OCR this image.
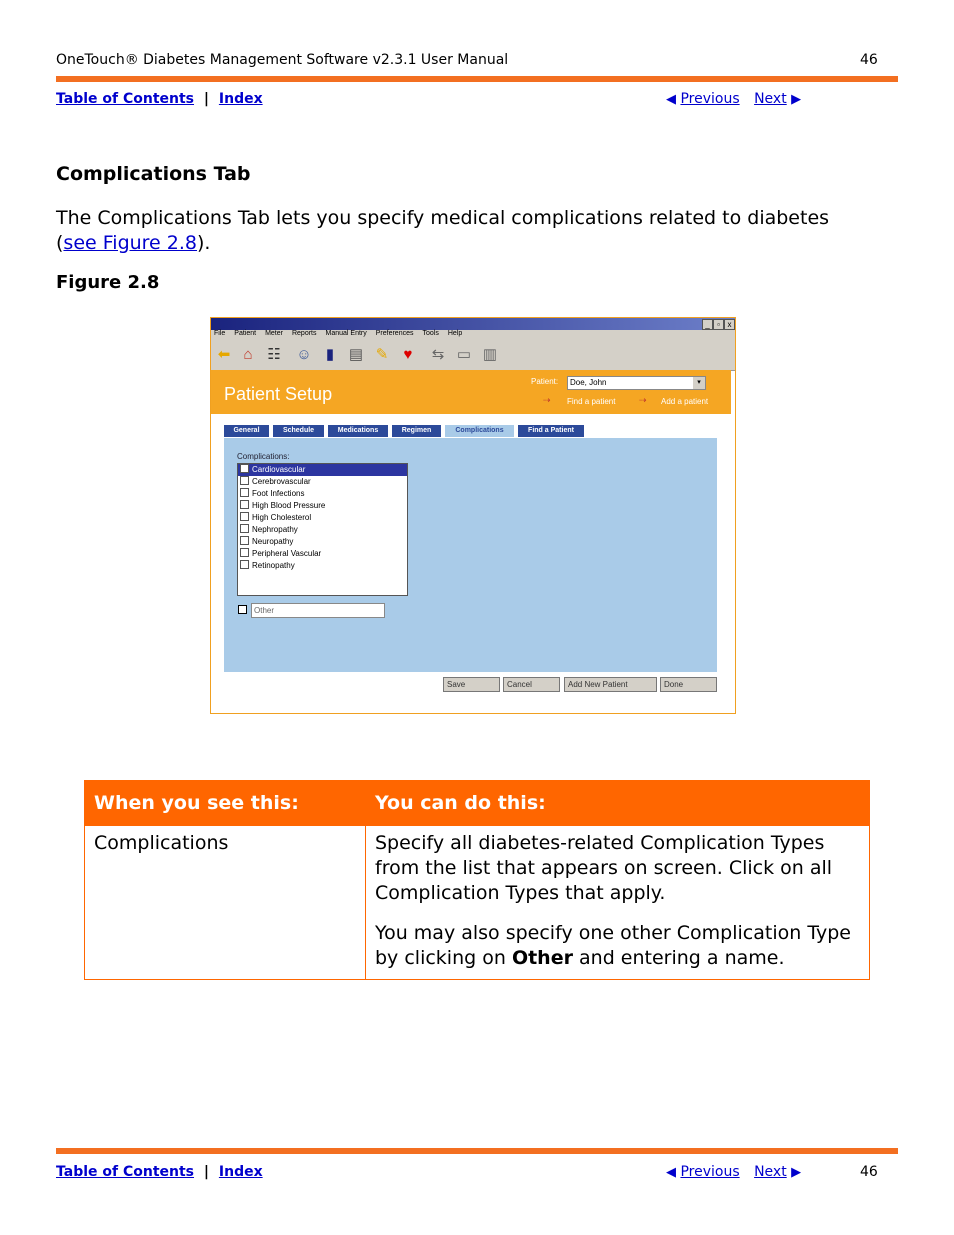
OneTouch® Diabetes Management Software v2.3.1 User Manual	46
Table of Contents | Index	◀ Previous Next ▶
Complications Tab

The Complications Tab lets you specify medical complications related to diabetes (see Figure 2.8).

Figure 2.8
_ ▫ x
File Patient Meter Reports Manual Entry Preferences Tools Help
⬅ ⌂ ☷ ☺ ▮ ▤ ✎	♥	⇆ ▭ ▥
Patient Setup
Patient:	Doe, John	▾
⇢ Find a patient	⇢ Add a patient
General	Schedule	Medications	Regimen	Complications	Find a Patient
Complications:
Cardiovascular
Cerebrovascular
Foot Infections
High Blood Pressure
High Cholesterol
Nephropathy
Neuropathy
Peripheral Vascular
Retinopathy
Other
Save	Cancel	Add New Patient	Done
When you see this:	You can do this:
Complications	Specify all diabetes-related Complication Types from the list that appears on screen. Click on all Complication Types that apply.

You may also specify one other Complication Type by clicking on Other and entering a name.

Table of Contents | Index	◀ Previous Next ▶	46
